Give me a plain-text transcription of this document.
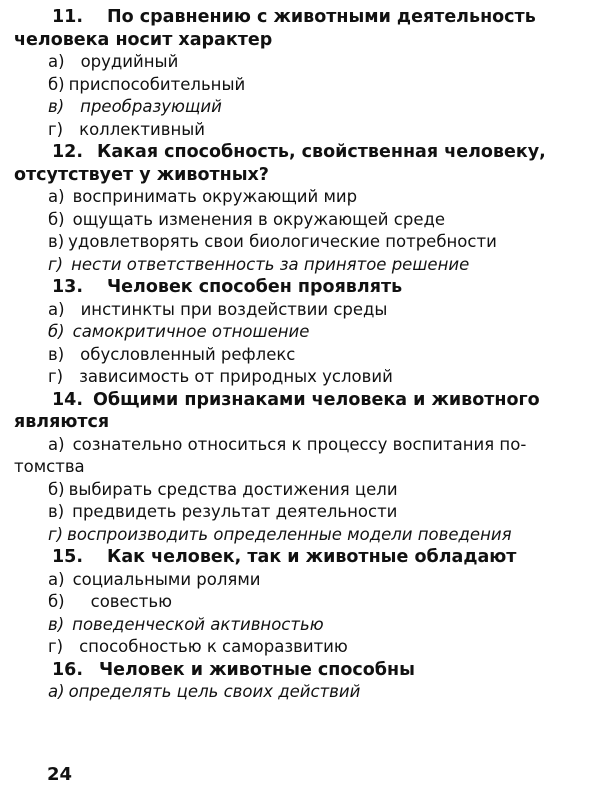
11. По сравнению с животными деятельность
человека носит характер
а) орудийный
б) приспособительный
в) преобразующий
г) коллективный
12. Какая способность, свойственная человеку,
отсутствует у животных?
а) воспринимать окружающий мир
б) ощущать изменения в окружающей среде
в) удовлетворять свои биологические потребности
г) нести ответственность за принятое решение
13. Человек способен проявлять
а) инстинкты при воздействии среды
б) самокритичное отношение
в) обусловленный рефлекс
г) зависимость от природных условий
14. Общими признаками человека и животного
являются
а) сознательно относиться к процессу воспитания по-
томства
б) выбирать средства достижения цели
в) предвидеть результат деятельности
г) воспроизводить определенные модели поведения
15. Как человек, так и животные обладают
а) социальными ролями
б) совестью
в) поведенческой активностью
г) способностью к саморазвитию
16. Человек и животные способны
а) определять цель своих действий
24
